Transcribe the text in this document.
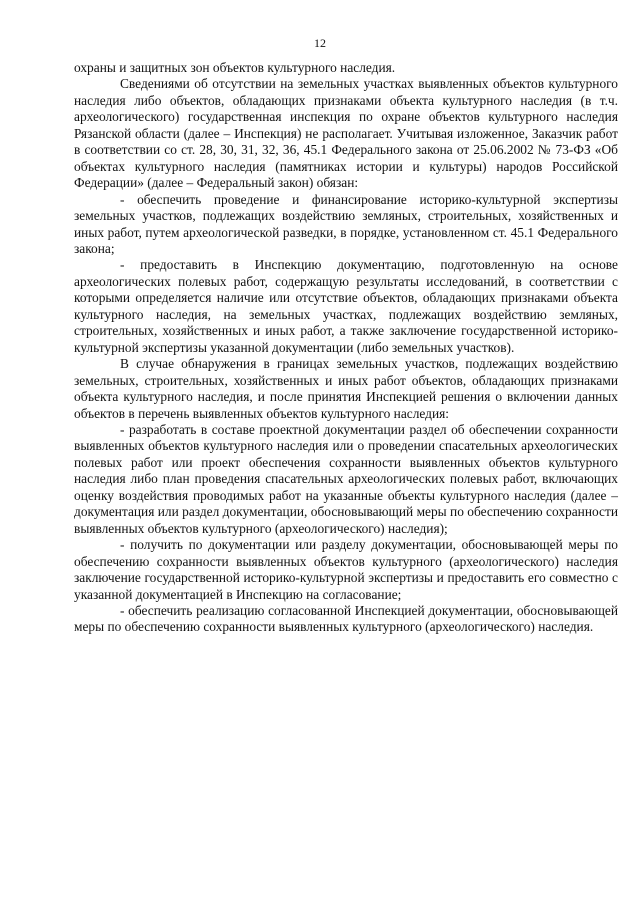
12

охраны и защитных зон объектов культурного наследия.

Сведениями об отсутствии на земельных участках выявленных объектов культурного наследия либо объектов, обладающих признаками объекта культурного наследия (в т.ч. археологического) государственная инспекция по охране объектов культурного наследия Рязанской области (далее – Инспекция) не располагает. Учитывая изложенное, Заказчик работ в соответствии со ст. 28, 30, 31, 32, 36, 45.1 Федерального закона от 25.06.2002 № 73-ФЗ «Об объектах культурного наследия (памятниках истории и культуры) народов Российской Федерации» (далее – Федеральный закон) обязан:

- обеспечить проведение и финансирование историко-культурной экспертизы земельных участков, подлежащих воздействию земляных, строительных, хозяйственных и иных работ, путем археологической разведки, в порядке, установленном ст. 45.1 Федерального закона;

- предоставить в Инспекцию документацию, подготовленную на основе археологических полевых работ, содержащую результаты исследований, в соответствии с которыми определяется наличие или отсутствие объектов, обладающих признаками объекта культурного наследия, на земельных участках, подлежащих воздействию земляных, строительных, хозяйственных и иных работ, а также заключение государственной историко-культурной экспертизы указанной документации (либо земельных участков).

В случае обнаружения в границах земельных участков, подлежащих воздействию земельных, строительных, хозяйственных и иных работ объектов, обладающих признаками объекта культурного наследия, и после принятия Инспекцией решения о включении данных объектов в перечень выявленных объектов культурного наследия:

- разработать в составе проектной документации раздел об обеспечении сохранности выявленных объектов культурного наследия или о проведении спасательных археологических полевых работ или проект обеспечения сохранности выявленных объектов культурного наследия либо план проведения спасательных археологических полевых работ, включающих оценку воздействия проводимых работ на указанные объекты культурного наследия (далее – документация или раздел документации, обосновывающий меры по обеспечению сохранности выявленных объектов культурного (археологического) наследия);

- получить по документации или разделу документации, обосновывающей меры по обеспечению сохранности выявленных объектов культурного (археологического) наследия заключение государственной историко-культурной экспертизы и предоставить его совместно с указанной документацией в Инспекцию на согласование;

- обеспечить реализацию согласованной Инспекцией документации, обосновывающей меры по обеспечению сохранности выявленных культурного (археологического) наследия.
